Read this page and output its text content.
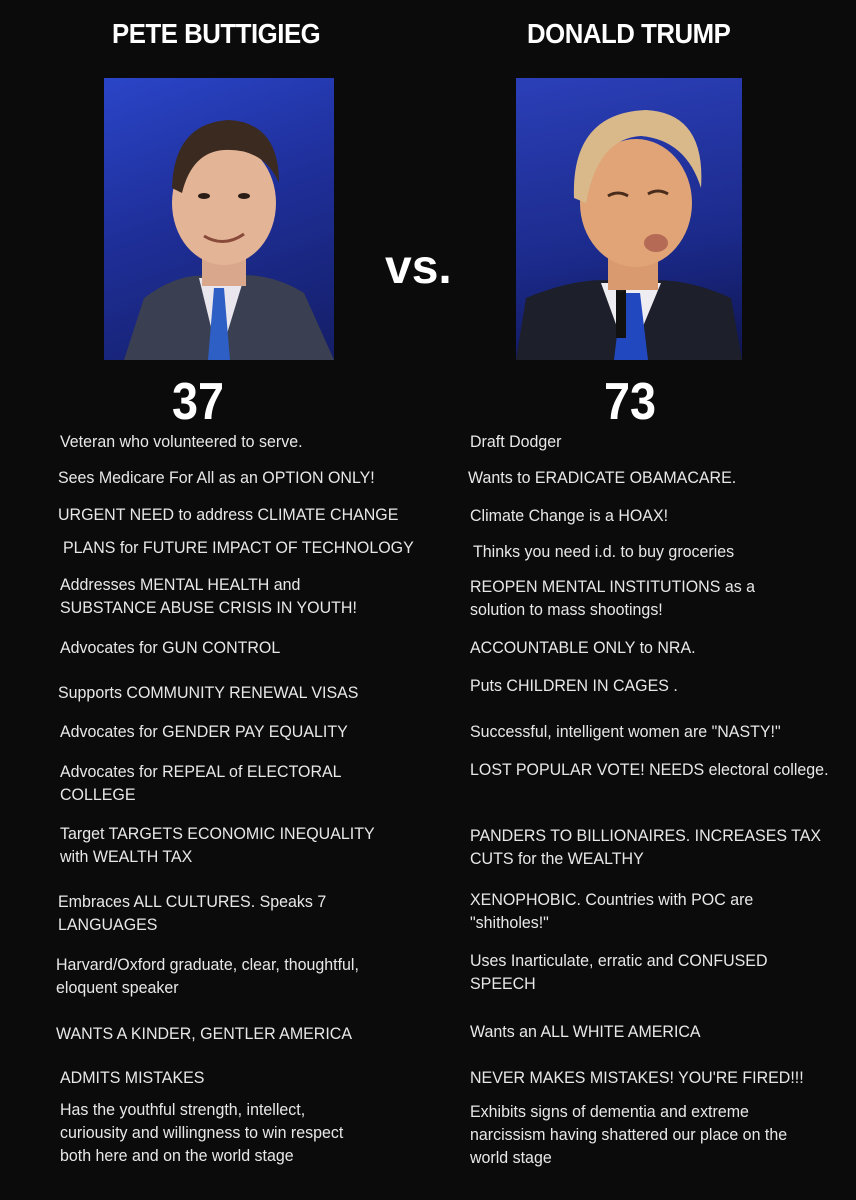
PETE BUTTIGIEG	DONALD TRUMP
vs.
37	73
Veteran who volunteered to serve.
Sees Medicare For All as an OPTION ONLY!
URGENT NEED to address CLIMATE CHANGE
PLANS for FUTURE IMPACT OF TECHNOLOGY
Addresses MENTAL HEALTH and
SUBSTANCE ABUSE CRISIS IN YOUTH!
Advocates for GUN CONTROL
Supports COMMUNITY RENEWAL VISAS
Advocates for GENDER PAY EQUALITY
Advocates for REPEAL of ELECTORAL
COLLEGE
Target TARGETS ECONOMIC INEQUALITY
with WEALTH TAX
Embraces ALL CULTURES. Speaks 7
LANGUAGES
Harvard/Oxford graduate, clear, thoughtful,
eloquent speaker
WANTS A KINDER, GENTLER AMERICA
ADMITS MISTAKES
Has the youthful strength, intellect,
curiousity and willingness to win respect
both here and on the world stage
Draft Dodger
Wants to ERADICATE OBAMACARE.
Climate Change is a HOAX!
Thinks you need i.d. to buy groceries
REOPEN MENTAL INSTITUTIONS as a
solution to mass shootings!
ACCOUNTABLE ONLY to NRA.
Puts CHILDREN IN CAGES .
Successful, intelligent women are "NASTY!"
LOST POPULAR VOTE! NEEDS electoral college.
PANDERS TO BILLIONAIRES. INCREASES TAX
CUTS for the WEALTHY
XENOPHOBIC. Countries with POC are
"shitholes!"
Uses Inarticulate, erratic and CONFUSED
SPEECH
Wants an ALL WHITE AMERICA
NEVER MAKES MISTAKES! YOU'RE FIRED!!!
Exhibits signs of dementia and extreme
narcissism having shattered our place on the
world stage
